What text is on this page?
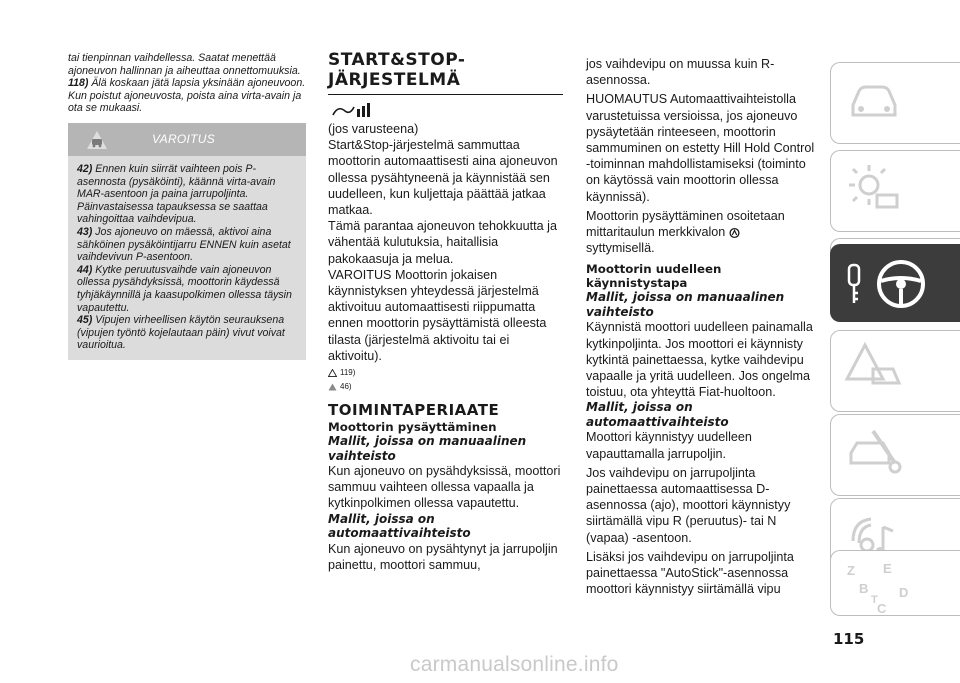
tai tienpinnan vaihdellessa. Saatat menettää ajoneuvon hallinnan ja aiheuttaa onnettomuuksia.

118) Älä koskaan jätä lapsia yksinään ajoneuvoon. Kun poistut ajoneuvosta, poista aina virta-avain ja ota se mukaasi.

VAROITUS

42) Ennen kuin siirrät vaihteen pois P-asennosta (pysäköinti), käännä virta-avain MAR-asentoon ja paina jarrupoljinta. Päinvastaisessa tapauksessa se saattaa vahingoittaa vaihdevipua.

43) Jos ajoneuvo on mäessä, aktivoi aina sähköinen pysäköintijarru ENNEN kuin asetat vaihdevivun P-asentoon.

44) Kytke peruutusvaihde vain ajoneuvon ollessa pysähdyksissä, moottorin käydessä tyhjäkäynnillä ja kaasupolkimen ollessa täysin vapautettu.

45) Vipujen virheellisen käytön seurauksena (vipujen työntö kojelautaan päin) vivut voivat vaurioitua.

START&STOP-
JÄRJESTELMÄ

(jos varusteena)

Start&Stop-järjestelmä sammuttaa moottorin automaattisesti aina ajoneuvon ollessa pysähtyneenä ja käynnistää sen uudelleen, kun kuljettaja päättää jatkaa matkaa.

Tämä parantaa ajoneuvon tehokkuutta ja vähentää kulutuksia, haitallisia pakokaasuja ja melua.

VAROITUS Moottorin jokaisen käynnistyksen yhteydessä järjestelmä aktivoituu automaattisesti riippumatta ennen moottorin pysäyttämistä olleesta tilasta (järjestelmä aktivoitu tai ei aktivoitu).

119)
46)
TOIMINTAPERIAATE
Moottorin pysäyttäminen
Mallit, joissa on manuaalinen vaihteisto

Kun ajoneuvo on pysähdyksissä, moottori sammuu vaihteen ollessa vapaalla ja kytkinpolkimen ollessa vapautettu.

Mallit, joissa on automaattivaihteisto

Kun ajoneuvo on pysähtynyt ja jarrupoljin painettu, moottori sammuu,

jos vaihdevipu on muussa kuin R-asennossa.

HUOMAUTUS Automaattivaihteistolla varustetuissa versioissa, jos ajoneuvo pysäytetään rinteeseen, moottorin sammuminen on estetty Hill Hold Control -toiminnan mahdollistamiseksi (toiminto on käytössä vain moottorin ollessa käynnissä).

Moottorin pysäyttäminen osoitetaan mittaritaulun merkkivalon
syttymisellä.

Moottorin uudelleen käynnistystapa
Mallit, joissa on manuaalinen vaihteisto

Käynnistä moottori uudelleen painamalla kytkinpoljinta. Jos moottori ei käynnisty kytkintä painettaessa, kytke vaihdevipu vapaalle ja yritä uudelleen. Jos ongelma toistuu, ota yhteyttä Fiat-huoltoon.

Mallit, joissa on automaattivaihteisto

Moottori käynnistyy uudelleen vapauttamalla jarrupoljin.

Jos vaihdevipu on jarrupoljinta painettaessa automaattisessa D-asennossa (ajo), moottori käynnistyy siirtämällä vipu R (peruutus)- tai N (vapaa) -asentoon.

Lisäksi jos vaihdevipu on jarrupoljinta painettaessa "AutoStick"-asennossa moottori käynnistyy siirtämällä vipu

Z E
B
C
D
T
115
carmanualsonline.info
